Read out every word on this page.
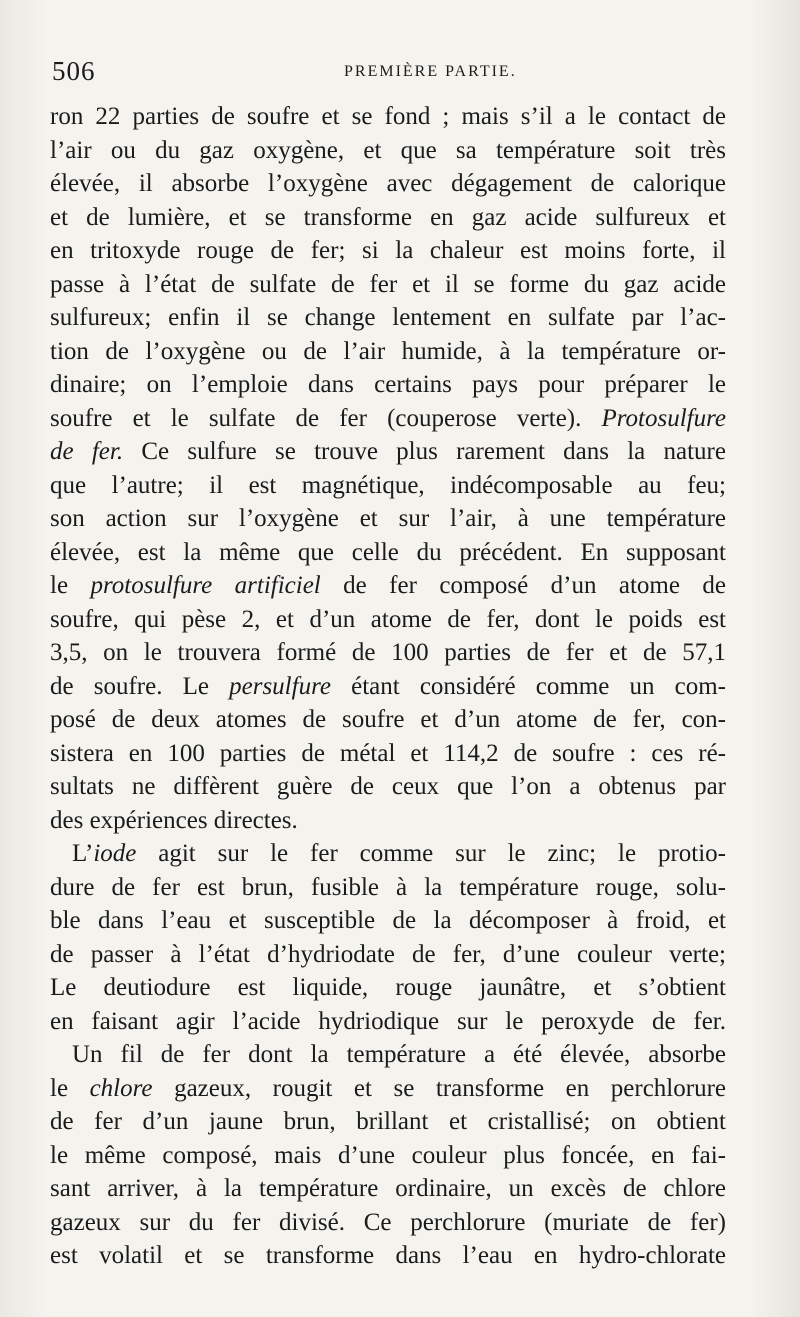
506	PREMIÈRE PARTIE.
ron 22 parties de soufre et se fond ; mais s’il a le contact de
l’air ou du gaz oxygène, et que sa température soit très
élevée, il absorbe l’oxygène avec dégagement de calorique
et de lumière, et se transforme en gaz acide sulfureux et
en tritoxyde rouge de fer; si la chaleur est moins forte, il
passe à l’état de sulfate de fer et il se forme du gaz acide
sulfureux; enfin il se change lentement en sulfate par l’ac-
tion de l’oxygène ou de l’air humide, à la température or-
dinaire; on l’emploie dans certains pays pour préparer le
soufre et le sulfate de fer (couperose verte). Protosulfure
de fer. Ce sulfure se trouve plus rarement dans la nature
que l’autre; il est magnétique, indécomposable au feu;
son action sur l’oxygène et sur l’air, à une température
élevée, est la même que celle du précédent. En supposant
le protosulfure artificiel de fer composé d’un atome de
soufre, qui pèse 2, et d’un atome de fer, dont le poids est
3,5, on le trouvera formé de 100 parties de fer et de 57,1
de soufre. Le persulfure étant considéré comme un com-
posé de deux atomes de soufre et d’un atome de fer, con-
sistera en 100 parties de métal et 114,2 de soufre : ces ré-
sultats ne diffèrent guère de ceux que l’on a obtenus par
des expériences directes.
L’iode agit sur le fer comme sur le zinc; le protio-
dure de fer est brun, fusible à la température rouge, solu-
ble dans l’eau et susceptible de la décomposer à froid, et
de passer à l’état d’hydriodate de fer, d’une couleur verte;
Le deutiodure est liquide, rouge jaunâtre, et s’obtient
en faisant agir l’acide hydriodique sur le peroxyde de fer.
Un fil de fer dont la température a été élevée, absorbe
le chlore gazeux, rougit et se transforme en perchlorure
de fer d’un jaune brun, brillant et cristallisé; on obtient
le même composé, mais d’une couleur plus foncée, en fai-
sant arriver, à la température ordinaire, un excès de chlore
gazeux sur du fer divisé. Ce perchlorure (muriate de fer)
est volatil et se transforme dans l’eau en hydro-chlorate
